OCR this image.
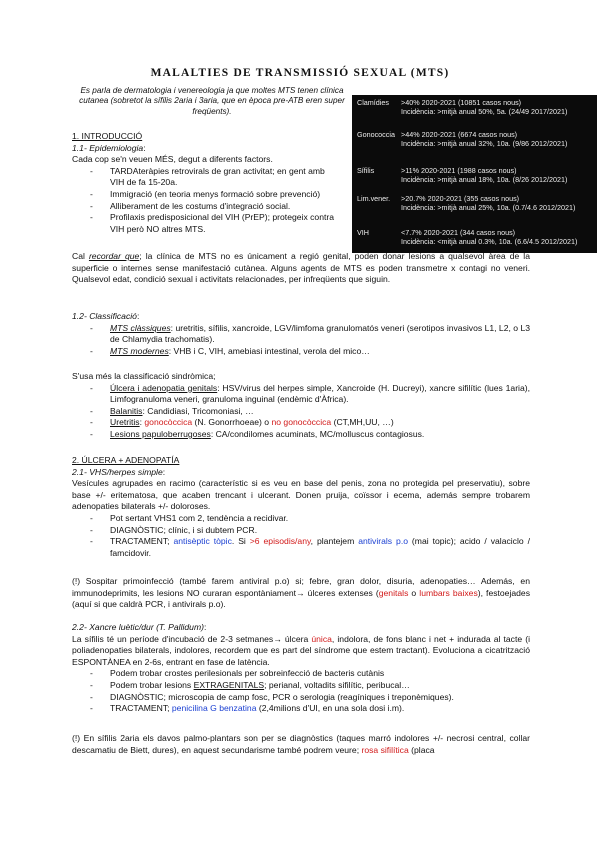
MALALTIES DE TRANSMISSIÓ SEXUAL (MTS)
Es parla de dermatologia i venereologia ja que moltes MTS tenen clínica cutanea (sobretot la sífilis 2aria i 3aria, que en època pre-ATB eren super freqüents).
Clamídies >40% 2020-2021 (10851 casos nous)
Incidència: >mitjà anual 50%, 5a. (24/49 2017/2021)
Gonococcia >44% 2020-2021 (6674 casos nous)
Incidència: >mitjà anual 32%, 10a. (9/86 2012/2021)
Sífilis	>11% 2020-2021 (1988 casos nous)
Incidència: >mitjà anual 18%, 10a. (8/26 2012/2021)
Lim.vener. >20.7% 2020-2021 (355 casos nous)
Incidència: >mitjà anual 25%, 10a. (0.7/4.6 2012/2021)
VIH	<7.7% 2020-2021 (344 casos nous)
Incidència: <mitjà anual 0.3%, 10a. (6.6/4.5 2012/2021)
1. INTRODUCCIÓ
1.1- Epidemiologia:
Cada cop se'n veuen MÉS, degut a diferents factors.
- TARDAteràpies retrovirals de gran activitat; en gent amb VIH de fa 15-20a.
- Immigració (en teoria menys formació sobre prevenció)
- Alliberament de les costums d'integració social.
- Profilaxis predisposicional del VIH (PrEP); protegeix contra VIH però NO altres MTS.
Cal recordar que; la clínica de MTS no es únicament a regió genital, poden donar lesions a qualsevol àrea de la superficie o internes sense manifestació cutànea. Alguns agents de MTS es poden transmetre x contagi no veneri. Qualsevol edat, condició sexual i activitats relacionades, per infreqüents que siguin.
1.2- Classificació:
- MTS clàssiques: uretritis, sífilis, xancroide, LGV/limfoma granulomatós veneri (serotipos invasivos L1, L2, o L3 de Chlamydia trachomatis).
- MTS modernes: VHB i C, VIH, amebiasi intestinal, verola del mico…
S'usa més la classificació sindròmica;
- Úlcera i adenopatia genitals: HSV/virus del herpes simple, Xancroide (H. Ducreyi), xancre sifilític (lues 1aria), Limfogranuloma veneri, granuloma inguinal (endèmic d'Àfrica).
- Balanitis: Candidiasi, Tricomoniasi, …
- Uretritis: gonocòccica (N. Gonorrhoeae) o no gonocòccica (CT,MH,UU, …)
- Lesions papuloberrugoses: CA/condilomes acuminats, MC/molluscus contagiosus.
2. ÚLCERA + ADENOPATÍA
2.1- VHS/herpes simple:
Vesícules agrupades en racimo (característic si es veu en base del penis, zona no protegida pel preservatiu), sobre base +/- eritematosa, que acaben trencant i ulcerant. Donen pruija, coïssor i ecema, además sempre trobarem adenopaties bilaterals +/- doloroses.
- Pot sertant VHS1 com 2, tendència a recidivar.
- DIAGNÒSTIC; clínic, i si dubtem PCR.
- TRACTAMENT; antisèptic tòpic. Si >6 episodis/any, plantejem antivirals p.o (mai topic); acido / valaciclo / famcidovir.
(!) Sospitar primoinfecció (també farem antiviral p.o) si; febre, gran dolor, disuria, adenopaties… Además, en immunodeprimits, les lesions NO curaran espontàniament→ úlceres extenses (genitals o lumbars baixes), festoejades (aquí si que caldrà PCR, i antivirals p.o).
2.2- Xancre luètic/dur (T. Pallidum):
La sífilis té un període d'incubació de 2-3 setmanes→ úlcera única, indolora, de fons blanc i net + indurada al tacte (i poliadenopaties bilaterals, indolores, recordem que es part del síndrome que estem tractant). Evoluciona a cicatrització ESPONTÀNEA en 2-6s, entrant en fase de latència.
- Podem trobar crostes perilesionals per sobreinfecció de bacteris cutànis
- Podem trobar lesions EXTRAGENITALS; perianal, voltadits sifilític, peribucal…
- DIAGNÒSTIC; microscopia de camp fosc, PCR o serologia (reagíniques i treponèmiques).
- TRACTAMENT; penicilina G benzatina (2,4milions d'UI, en una sola dosi i.m).
(!) En sífilis 2aria els davos palmo-plantars son per se diagnòstics (taques marró indolores +/- necrosi central, collar descamatiu de Biett, dures), en aquest secundarisme també podrem veure; rosa sifilítica (placa
